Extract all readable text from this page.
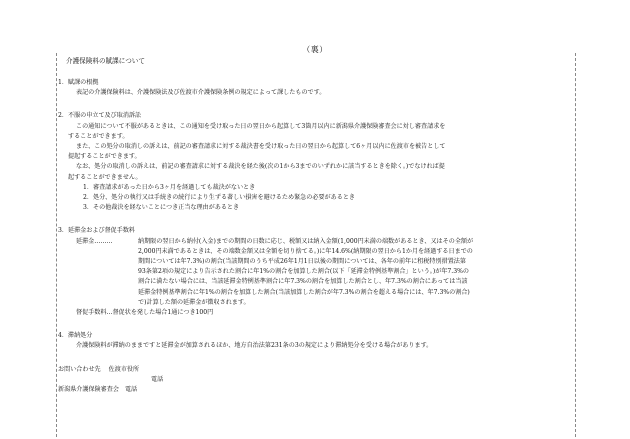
（裏）
介護保険料の賦課について
1．賦課の根拠
表記の介護保険料は、介護保険法及び佐渡市介護保険条例の規定によって課したものです。
2．不服の申立て及び取消訴訟
この通知について不服があるときは、この通知を受け取った日の翌日から起算して3箇月以内に新潟県介護保険審査会に対し審査請求を
することができます。
また、この処分の取消しの訴えは、前記の審査請求に対する裁決書を受け取った日の翌日から起算して6ヶ月以内に佐渡市を被告として
提起することができます。
なお、処分の取消しの訴えは、前記の審査請求に対する裁決を経た後(次の1から3までのいずれかに該当するときを除く。)でなければ提
起することができません。
1．審査請求があった日から3ヶ月を経過しても裁決がないとき
2．処分、処分の執行又は手続きの続行により生ずる著しい損害を避けるため緊急の必要があるとき
3．その他裁決を経ないことにつき正当な理由があるとき
3．延滞金および督促手数料
延滞金………	納期限の翌日から納付(入金)までの期間の日数に応じ、税額又は納入金額(1,000円未満の端数があるとき、又はその全額が
2,000円未満であるときは、その端数金額又は全額を切り捨てる。)に年14.6%(納期限の翌日から1か月を経過する日までの
期間については年7.3%)の割合(当該期間のうち平成26年1月1日以後の期間については、各年の前年に租税特別措置法第
93条第2項の規定により告示された割合に年1%の割合を加算した割合(以下「延滞金特例基準割合」という。)が年7.3%の
割合に満たない場合には、当該延滞金特例基準割合に年7.3%の割合を加算した割合とし、年7.3%の割合にあっては当該
延滞金特例基準割合に年1%の割合を加算した割合(当該加算した割合が年7.3%の割合を超える場合には、年7.3%の割合)
で)計算した額の延滞金が徴収されます。
督促手数料…督促状を発した場合1通につき100円
4．滞納処分
介護保険料が滞納のままですと延滞金が加算されるほか、地方自治法第231条の3の規定により滞納処分を受ける場合があります。
お問い合わせ先	佐渡市役所
電話
新潟県介護保険審査会 電話
